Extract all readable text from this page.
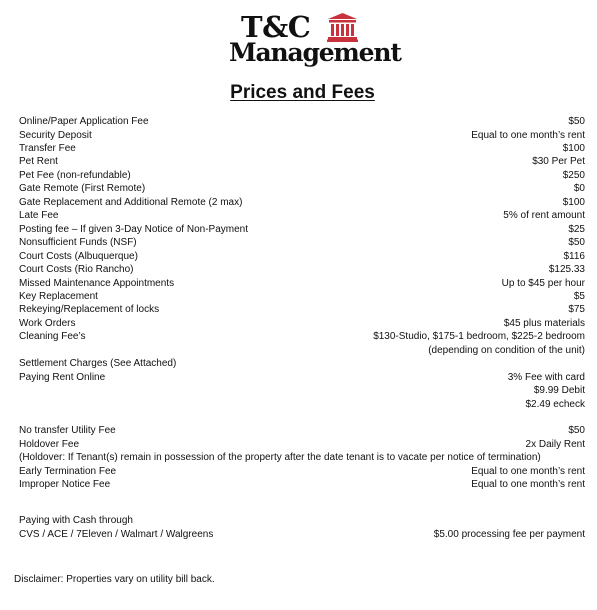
T&C
Management
Prices and Fees
Online/Paper Application Fee	$50
Security Deposit	Equal to one month’s rent
Transfer Fee	$100
Pet Rent	$30 Per Pet
Pet Fee (non-refundable)	$250
Gate Remote (First Remote)	$0
Gate Replacement and Additional Remote (2 max)	$100
Late Fee	5% of rent amount
Posting fee – If given 3-Day Notice of Non-Payment	$25
Nonsufficient Funds (NSF)	$50
Court Costs (Albuquerque)	$116
Court Costs (Rio Rancho)	$125.33
Missed Maintenance Appointments	Up to $45 per hour
Key Replacement	$5
Rekeying/Replacement of locks	$75
Work Orders	$45 plus materials
Cleaning Fee’s	$130-Studio, $175-1 bedroom, $225-2 bedroom
(depending on condition of the unit)
Settlement Charges (See Attached)
Paying Rent Online	3% Fee with card
$9.99 Debit
$2.49 echeck
No transfer Utility Fee	$50
Holdover Fee	2x Daily Rent
(Holdover: If Tenant(s) remain in possession of the property after the date tenant is to vacate per notice of termination)
Early Termination Fee	Equal to one month’s rent
Improper Notice Fee	Equal to one month’s rent
Paying with Cash through
CVS / ACE / 7Eleven / Walmart / Walgreens	$5.00 processing fee per payment
Disclaimer: Properties vary on utility bill back.
